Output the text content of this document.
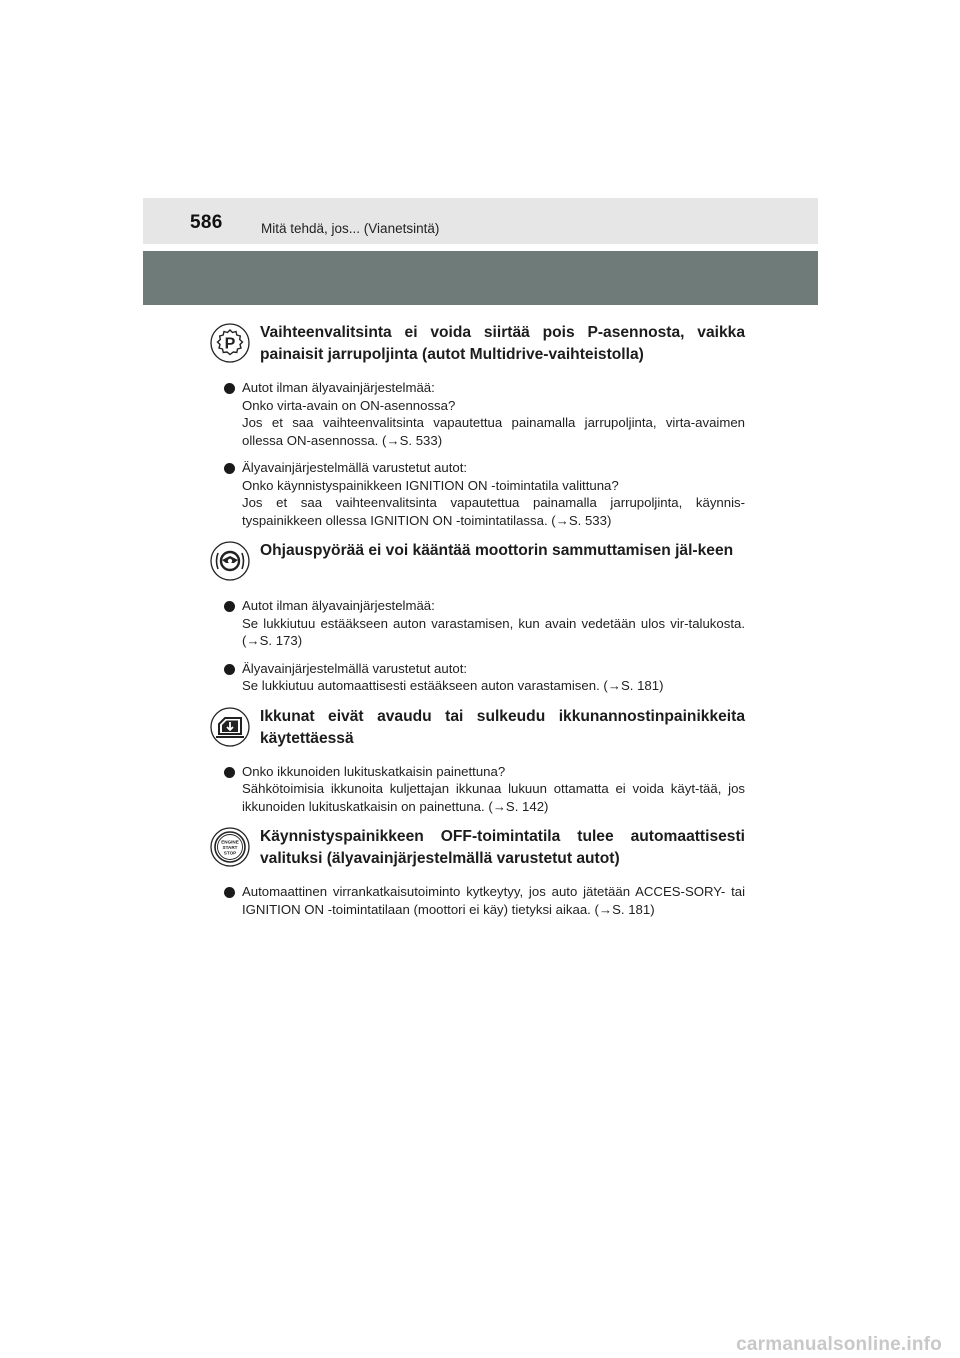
586	Mitä tehdä, jos... (Vianetsintä)
P
Vaihteenvalitsinta ei voida siirtää pois P-asennosta, vaikka painaisit jarrupoljinta (autot Multidrive-vaihteistolla)
Autot ilman älyavainjärjestelmää:
Onko virta-avain on ON-asennossa?
Jos et saa vaihteenvalitsinta vapautettua painamalla jarrupoljinta, virta-avaimen ollessa ON-asennossa. (→S. 533)
Älyavainjärjestelmällä varustetut autot:
Onko käynnistyspainikkeen IGNITION ON -toimintatila valittuna?
Jos et saa vaihteenvalitsinta vapautettua painamalla jarrupoljinta, käynnis-tyspainikkeen ollessa IGNITION ON -toimintatilassa. (→S. 533)
Ohjauspyörää ei voi kääntää moottorin sammuttamisen jäl-keen
Autot ilman älyavainjärjestelmää:
Se lukkiutuu estääkseen auton varastamisen, kun avain vedetään ulos vir-talukosta. (→S. 173)
Älyavainjärjestelmällä varustetut autot:
Se lukkiutuu automaattisesti estääkseen auton varastamisen. (→S. 181)
Ikkunat eivät avaudu tai sulkeudu ikkunannostinpainikkeita käytettäessä
Onko ikkunoiden lukituskatkaisin painettuna?
Sähkötoimisia ikkunoita kuljettajan ikkunaa lukuun ottamatta ei voida käyt-tää, jos ikkunoiden lukituskatkaisin on painettuna. (→S. 142)
ENGINE
START
STOP
Käynnistyspainikkeen OFF-toimintatila tulee automaattisesti valituksi (älyavainjärjestelmällä varustetut autot)
Automaattinen virrankatkaisutoiminto kytkeytyy, jos auto jätetään ACCES-SORY- tai IGNITION ON -toimintatilaan (moottori ei käy) tietyksi aikaa. (→S. 181)
carmanualsonline.info
